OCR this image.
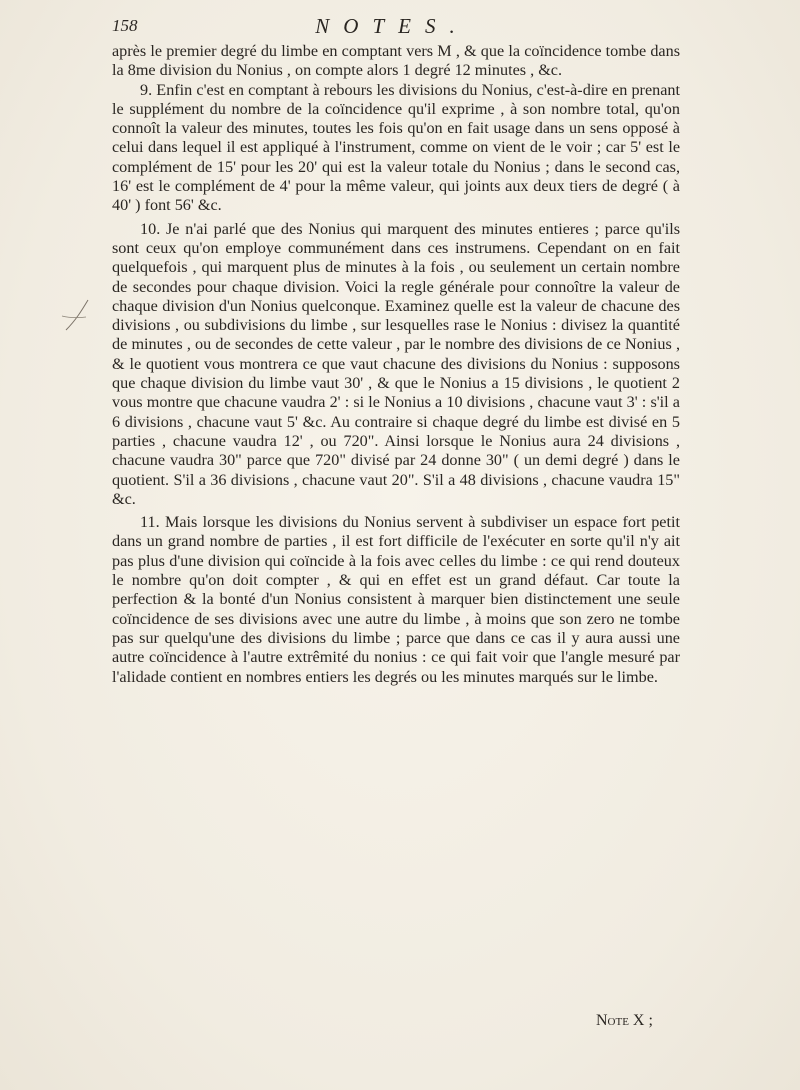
158	NOTES.

après le premier degré du limbe en comptant vers M , & que la coïncidence tombe dans la 8me division du Nonius , on compte alors 1 degré 12 minutes , &c.

9. Enfin c'est en comptant à rebours les divisions du Nonius, c'est-à-dire en prenant le supplément du nombre de la coïncidence qu'il exprime , à son nombre total, qu'on connoît la valeur des minutes, toutes les fois qu'on en fait usage dans un sens opposé à celui dans lequel il est appliqué à l'instrument, comme on vient de le voir ; car 5' est le complément de 15' pour les 20' qui est la valeur totale du Nonius ; dans le second cas, 16' est le complément de 4' pour la même valeur, qui joints aux deux tiers de degré ( à 40' ) font 56' &c.

10. Je n'ai parlé que des Nonius qui marquent des minutes entieres ; parce qu'ils sont ceux qu'on employe communément dans ces instrumens. Cependant on en fait quelquefois , qui marquent plus de minutes à la fois , ou seulement un certain nombre de secondes pour chaque division. Voici la regle générale pour connoître la valeur de chaque division d'un Nonius quelconque. Examinez quelle est la valeur de chacune des divisions , ou subdivisions du limbe , sur lesquelles rase le Nonius : divisez la quantité de minutes , ou de secondes de cette valeur , par le nombre des divisions de ce Nonius , & le quotient vous montrera ce que vaut chacune des divisions du Nonius : supposons que chaque division du limbe vaut 30' , & que le Nonius a 15 divisions , le quotient 2 vous montre que chacune vaudra 2' : si le Nonius a 10 divisions , chacune vaut 3' : s'il a 6 divisions , chacune vaut 5' &c. Au contraire si chaque degré du limbe est divisé en 5 parties , chacune vaudra 12' , ou 720". Ainsi lorsque le Nonius aura 24 divisions , chacune vaudra 30" parce que 720" divisé par 24 donne 30" ( un demi degré ) dans le quotient. S'il a 36 divisions , chacune vaut 20". S'il a 48 divisions , chacune vaudra 15" &c.

11. Mais lorsque les divisions du Nonius servent à subdiviser un espace fort petit dans un grand nombre de parties , il est fort difficile de l'exécuter en sorte qu'il n'y ait pas plus d'une division qui coïncide à la fois avec celles du limbe : ce qui rend douteux le nombre qu'on doit compter , & qui en effet est un grand défaut. Car toute la perfection & la bonté d'un Nonius consistent à marquer bien distinctement une seule coïncidence de ses divisions avec une autre du limbe , à moins que son zero ne tombe pas sur quelqu'une des divisions du limbe ; parce que dans ce cas il y aura aussi une autre coïncidence à l'autre extrêmité du nonius : ce qui fait voir que l'angle mesuré par l'alidade contient en nombres entiers les degrés ou les minutes marqués sur le limbe.

Note X ;
